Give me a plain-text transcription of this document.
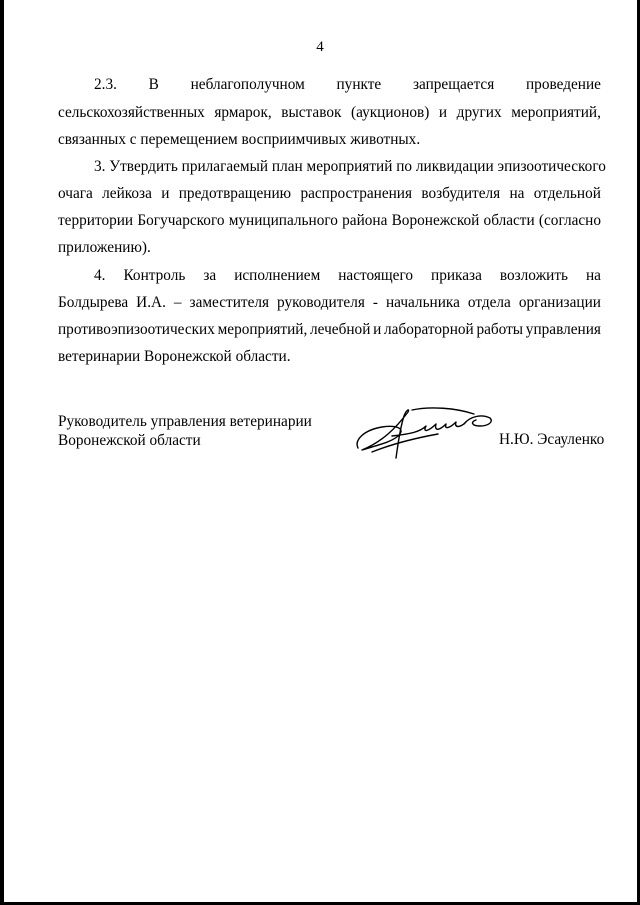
4
2.3. В неблагополучном пункте запрещается проведение
сельскохозяйственных ярмарок, выставок (аукционов) и других мероприятий,
связанных с перемещением восприимчивых животных.
3. Утвердить прилагаемый план мероприятий по ликвидации эпизоотического
очага лейкоза и предотвращению распространения возбудителя на отдельной
территории Богучарского муниципального района Воронежской области (согласно
приложению).
4. Контроль за исполнением настоящего приказа возложить на
Болдырева И.А. – заместителя руководителя - начальника отдела организации
противоэпизоотических мероприятий, лечебной и лабораторной работы управления
ветеринарии Воронежской области.
Руководитель управления ветеринарии
Воронежской области	Н.Ю. Эсауленко
